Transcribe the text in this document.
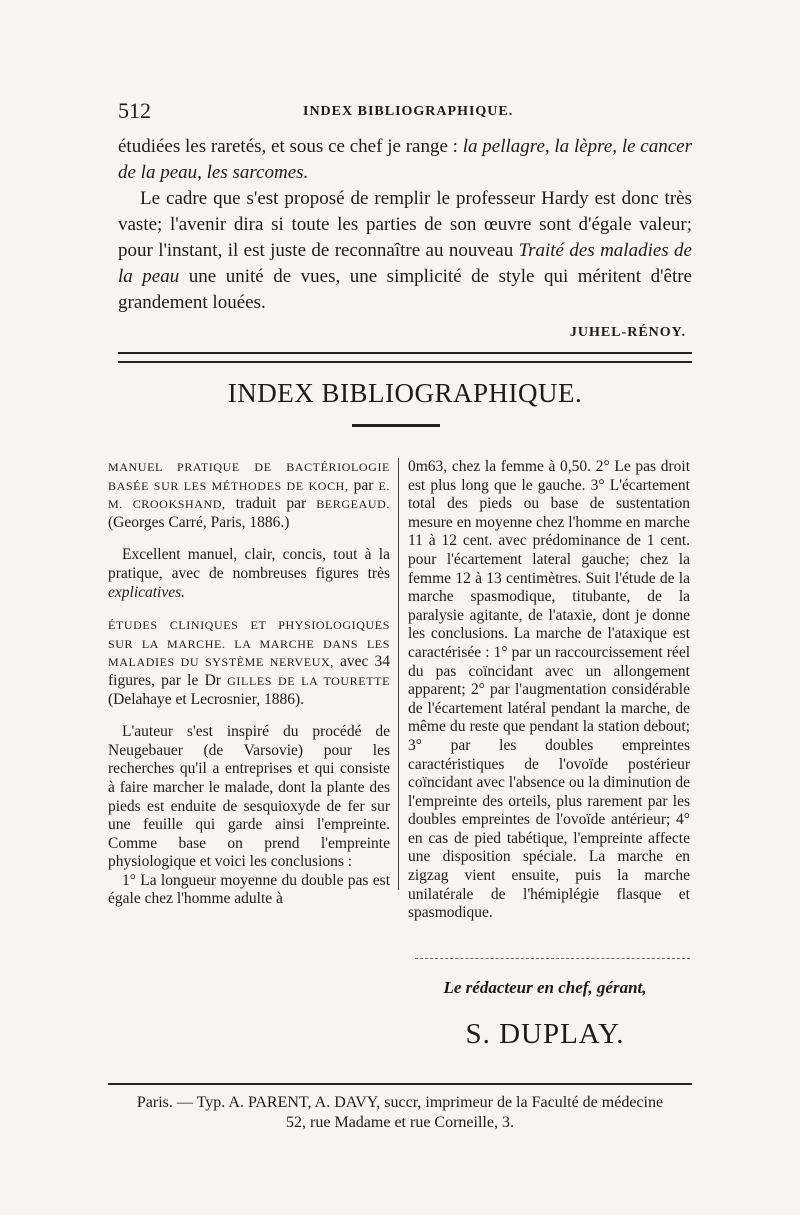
512	INDEX BIBLIOGRAPHIQUE.

étudiées les raretés, et sous ce chef je range : la pellagre, la lèpre, le cancer de la peau, les sarcomes.

Le cadre que s'est proposé de remplir le professeur Hardy est donc très vaste; l'avenir dira si toute les parties de son œuvre sont d'égale valeur; pour l'instant, il est juste de reconnaître au nouveau Traité des maladies de la peau une unité de vues, une simplicité de style qui méritent d'être grandement louées.

JUHEL-RÉNOY.
INDEX BIBLIOGRAPHIQUE.

MANUEL PRATIQUE DE BACTÉRIOLOGIE BASÉE SUR LES MÉTHODES DE KOCH, par E. M. CROOKSHAND, traduit par BERGEAUD. (Georges Carré, Paris, 1886.)

Excellent manuel, clair, concis, tout à la pratique, avec de nombreuses figures très explicatives.

ÉTUDES CLINIQUES ET PHYSIOLOGIQUES SUR LA MARCHE. LA MARCHE DANS LES MALADIES DU SYSTÈME NERVEUX, avec 34 figures, par le Dr GILLES DE LA TOURETTE (Delahaye et Lecrosnier, 1886).

L'auteur s'est inspiré du procédé de Neugebauer (de Varsovie) pour les recherches qu'il a entreprises et qui consiste à faire marcher le malade, dont la plante des pieds est enduite de sesquioxyde de fer sur une feuille qui garde ainsi l'empreinte. Comme base on prend l'empreinte physiologique et voici les conclusions :

1° La longueur moyenne du double pas est égale chez l'homme adulte à

0m63, chez la femme à 0,50. 2° Le pas droit est plus long que le gauche. 3° L'écartement total des pieds ou base de sustentation mesure en moyenne chez l'homme en marche 11 à 12 cent. avec prédominance de 1 cent. pour l'écartement lateral gauche; chez la femme 12 à 13 centimètres. Suit l'étude de la marche spasmodique, titubante, de la paralysie agitante, de l'ataxie, dont je donne les conclusions. La marche de l'ataxique est caractérisée : 1° par un raccourcissement réel du pas coïncidant avec un allongement apparent; 2° par l'augmentation considérable de l'écartement latéral pendant la marche, de même du reste que pendant la station debout; 3° par les doubles empreintes caractéristiques de l'ovoïde postérieur coïncidant avec l'absence ou la diminution de l'empreinte des orteils, plus rarement par les doubles empreintes de l'ovoïde antérieur; 4° en cas de pied tabétique, l'empreinte affecte une disposition spéciale. La marche en zigzag vient ensuite, puis la marche unilatérale de l'hémiplégie flasque et spasmodique.

Le rédacteur en chef, gérant,
S. DUPLAY.
Paris. — Typ. A. PARENT, A. DAVY, succr, imprimeur de la Faculté de médecine
52, rue Madame et rue Corneille, 3.
